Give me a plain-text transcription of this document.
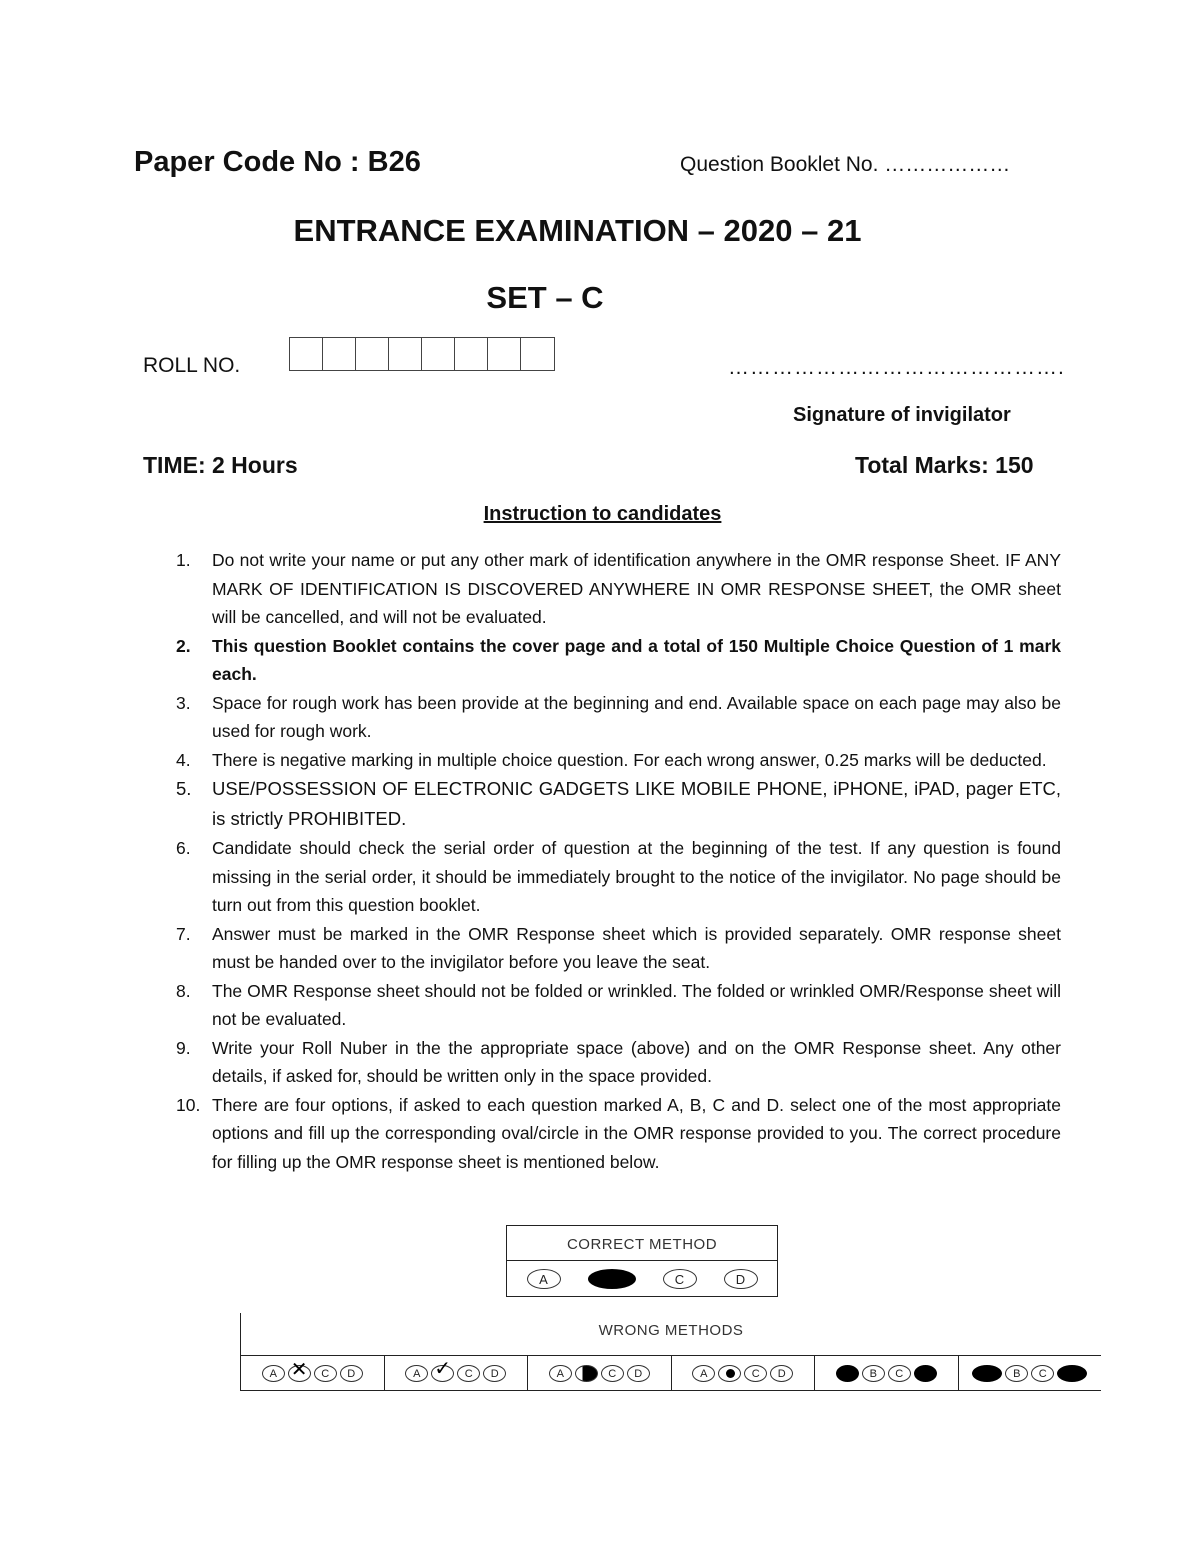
Paper Code No : B26	Question Booklet No. ………………
ENTRANCE EXAMINATION – 2020 – 21
SET – C
ROLL NO.	……………………………………….
Signature of invigilator
TIME: 2 Hours	Total Marks: 150
Instruction to candidates
1. Do not write your name or put any other mark of identification anywhere in the OMR response Sheet. IF ANY MARK OF IDENTIFICATION IS DISCOVERED ANYWHERE IN OMR RESPONSE SHEET, the OMR sheet will be cancelled, and will not be evaluated.
2. This question Booklet contains the cover page and a total of 150 Multiple Choice Question of 1 mark each.
3. Space for rough work has been provide at the beginning and end. Available space on each page may also be used for rough work.
4. There is negative marking in multiple choice question. For each wrong answer, 0.25 marks will be deducted.
5. USE/POSSESSION OF ELECTRONIC GADGETS LIKE MOBILE PHONE, iPHONE, iPAD, pager ETC, is strictly PROHIBITED.
6. Candidate should check the serial order of question at the beginning of the test. If any question is found missing in the serial order, it should be immediately brought to the notice of the invigilator. No page should be turn out from this question booklet.
7. Answer must be marked in the OMR Response sheet which is provided separately. OMR response sheet must be handed over to the invigilator before you leave the seat.
8. The OMR Response sheet should not be folded or wrinkled. The folded or wrinkled OMR/Response sheet will not be evaluated.
9. Write your Roll Nuber in the the appropriate space (above) and on the OMR Response sheet. Any other details, if asked for, should be written only in the space provided.
10. There are four options, if asked to each question marked A, B, C and D. select one of the most appropriate options and fill up the corresponding oval/circle in the OMR response provided to you. The correct procedure for filling up the OMR response sheet is mentioned below.
CORRECT METHOD
A	C	D
WRONG METHODS
A ✕	C	D	A ✓	C	D	A	C	D	A	C	D	B	C	B	C
